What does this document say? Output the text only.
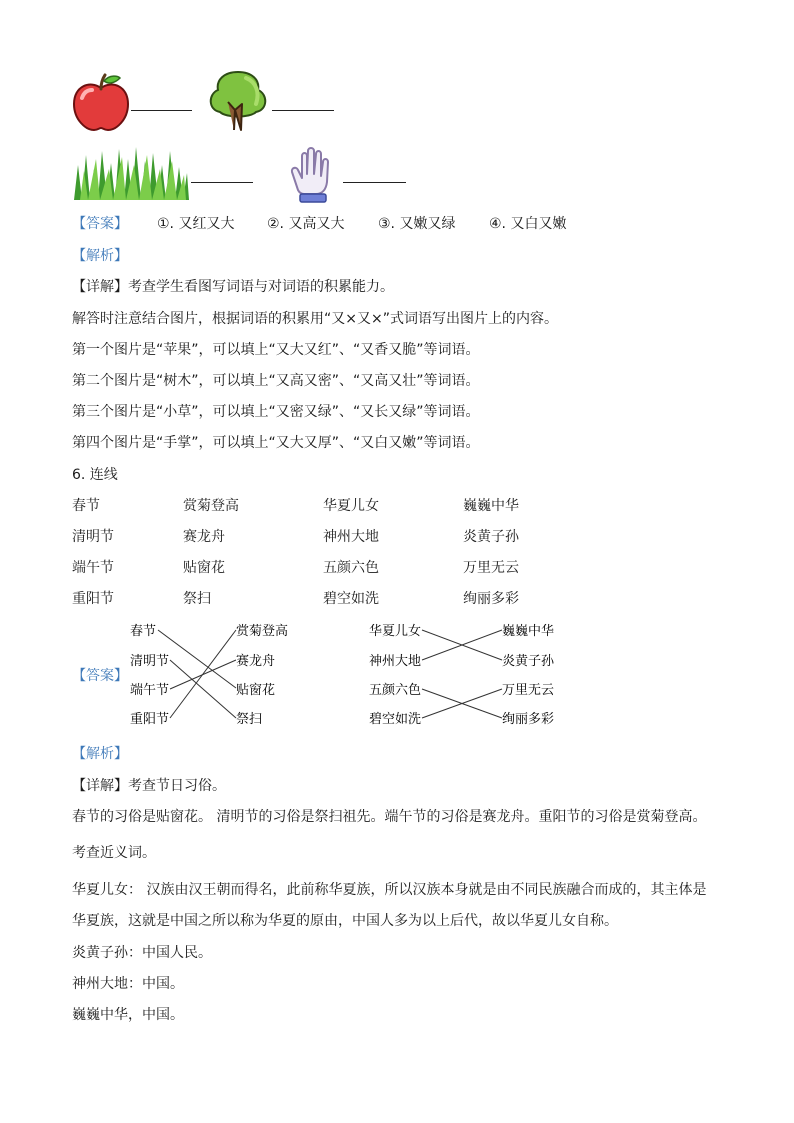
【答案】 ①. 又红又大 ②. 又高又大 ③. 又嫩又绿 ④. 又白又嫩
【解析】
【详解】考查学生看图写词语与对词语的积累能力。
解答时注意结合图片，根据词语的积累用“又×又×”式词语写出图片上的内容。
第一个图片是“苹果”，可以填上“又大又红”、“又香又脆”等词语。
第二个图片是“树木”，可以填上“又高又密”、“又高又壮”等词语。
第三个图片是“小草”，可以填上“又密又绿”、“又长又绿”等词语。
第四个图片是“手掌”，可以填上“又大又厚”、“又白又嫩”等词语。
6. 连线
春节	赏菊登高	华夏儿女	巍巍中华
清明节	赛龙舟	神州大地	炎黄子孙
端午节	贴窗花	五颜六色	万里无云
重阳节	祭扫	碧空如洗	绚丽多彩
【答案】
春节
清明节
端午节
重阳节
赏菊登高
赛龙舟
贴窗花
祭扫
华夏儿女
神州大地
五颜六色
碧空如洗
巍巍中华
炎黄子孙
万里无云
绚丽多彩
【解析】
【详解】考查节日习俗。
春节的习俗是贴窗花。 清明节的习俗是祭扫祖先。端午节的习俗是赛龙舟。重阳节的习俗是赏菊登高。
考查近义词。
华夏儿女： 汉族由汉王朝而得名，此前称华夏族，所以汉族本身就是由不同民族融合而成的，其主体是
华夏族，这就是中国之所以称为华夏的原由，中国人多为以上后代，故以华夏儿女自称。
炎黄子孙：中国人民。
神州大地：中国。
巍巍中华，中国。
